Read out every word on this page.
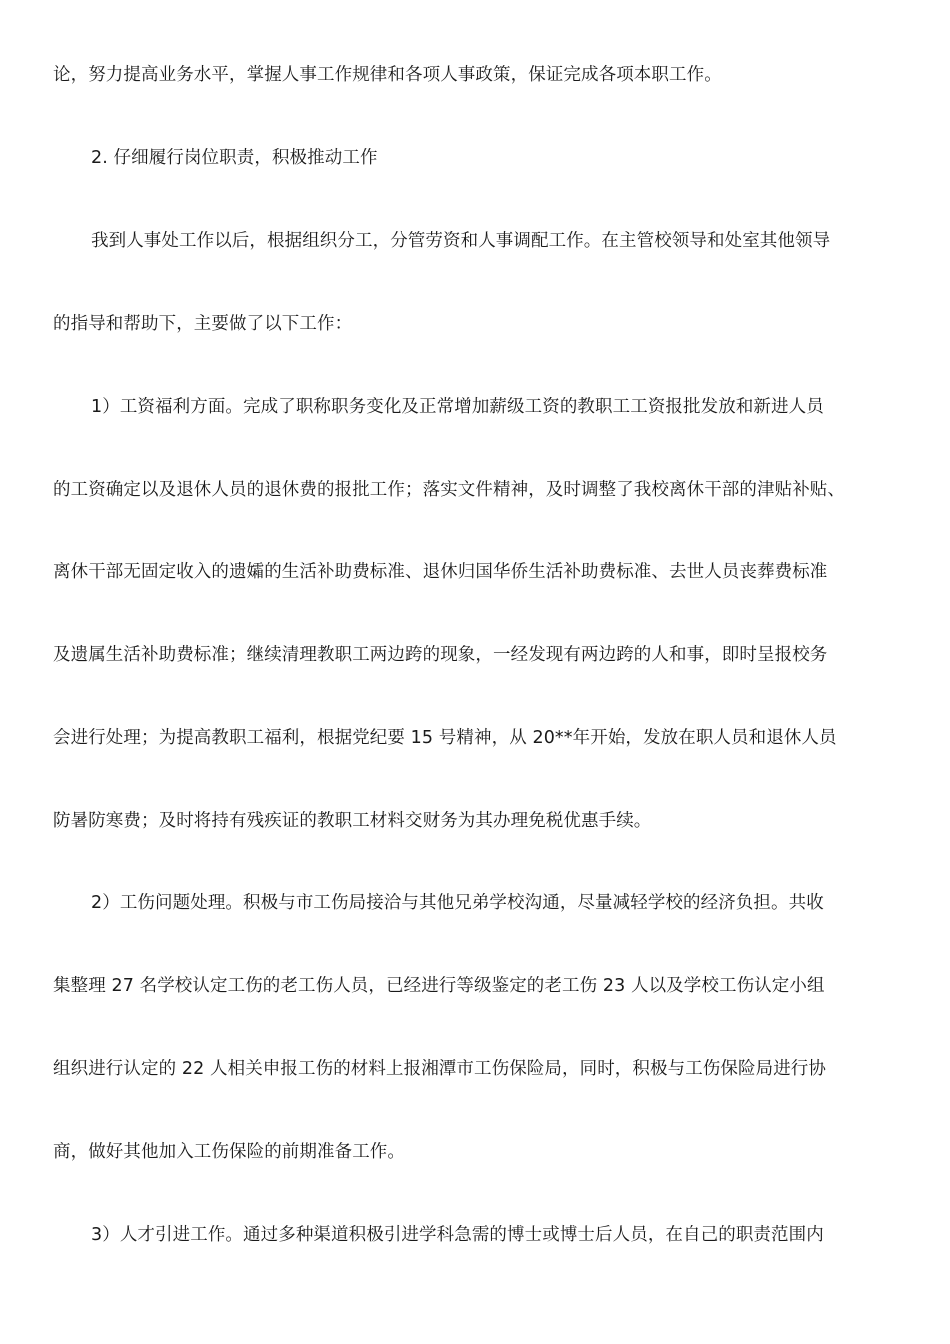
论，努力提高业务水平，掌握人事工作规律和各项人事政策，保证完成各项本职工作。
2. 仔细履行岗位职责，积极推动工作
我到人事处工作以后，根据组织分工，分管劳资和人事调配工作。在主管校领导和处室其他领导
的指导和帮助下，主要做了以下工作：
1）工资福利方面。完成了职称职务变化及正常增加薪级工资的教职工工资报批发放和新进人员
的工资确定以及退休人员的退休费的报批工作；落实文件精神，及时调整了我校离休干部的津贴补贴、
离休干部无固定收入的遗孀的生活补助费标准、退休归国华侨生活补助费标准、去世人员丧葬费标准
及遗属生活补助费标准；继续清理教职工两边跨的现象，一经发现有两边跨的人和事，即时呈报校务
会进行处理；为提高教职工福利，根据党纪要 15 号精神，从 20**年开始，发放在职人员和退休人员
防暑防寒费；及时将持有残疾证的教职工材料交财务为其办理免税优惠手续。
2）工伤问题处理。积极与市工伤局接洽与其他兄弟学校沟通，尽量减轻学校的经济负担。共收
集整理 27 名学校认定工伤的老工伤人员，已经进行等级鉴定的老工伤 23 人以及学校工伤认定小组
组织进行认定的 22 人相关申报工伤的材料上报湘潭市工伤保险局，同时，积极与工伤保险局进行协
商，做好其他加入工伤保险的前期准备工作。
3）人才引进工作。通过多种渠道积极引进学科急需的博士或博士后人员，在自己的职责范围内
